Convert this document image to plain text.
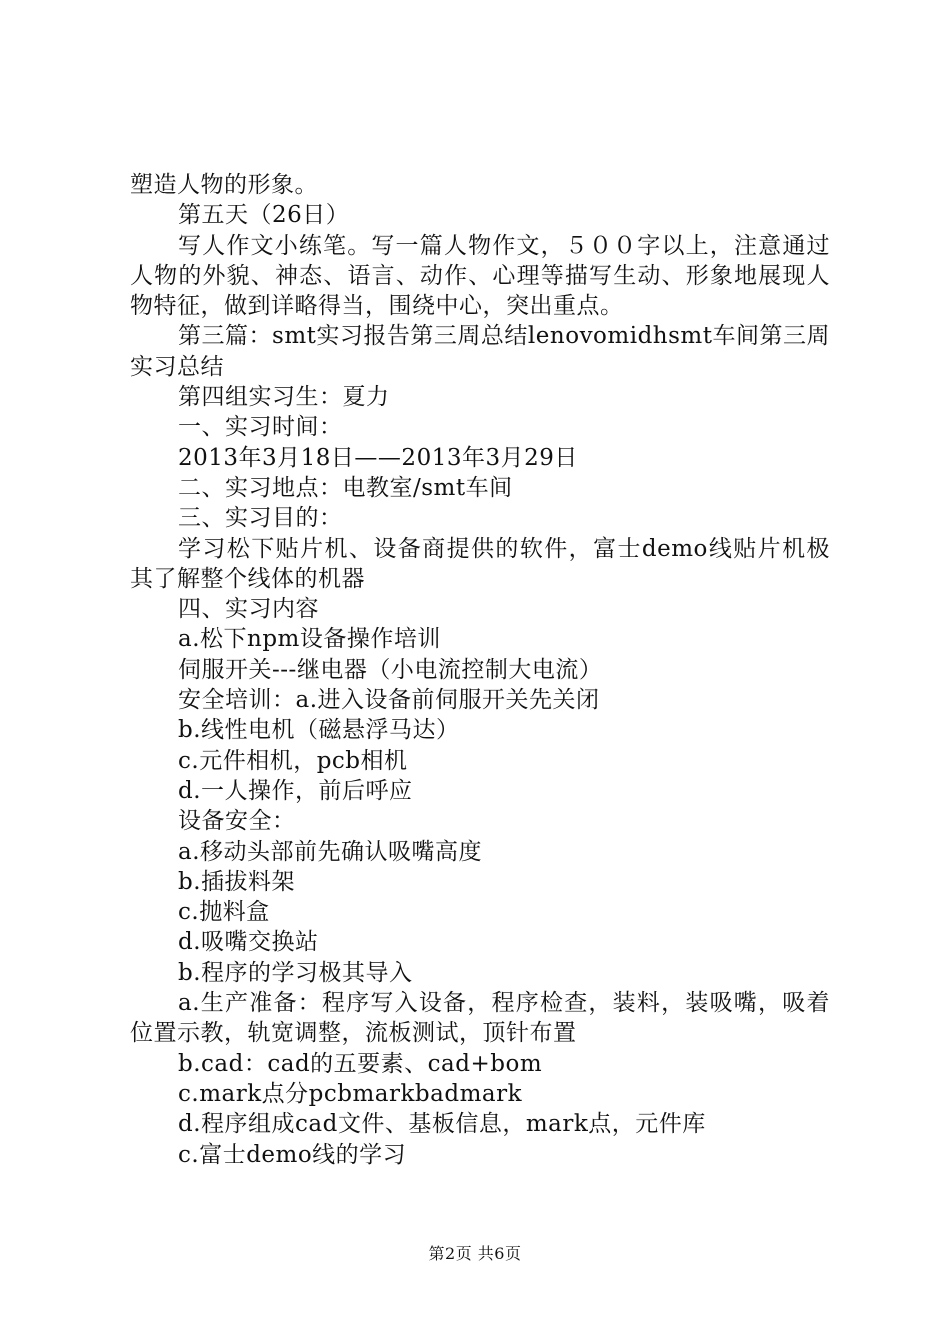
塑造人物的形象。

第五天（26日）

写人作文小练笔。写一篇人物作文，５００字以上，注意通过人物的外貌、神态、语言、动作、心理等描写生动、形象地展现人物特征，做到详略得当，围绕中心，突出重点。

第三篇：smt实习报告第三周总结lenovomidhsmt车间第三周实习总结

第四组实习生：夏力

一、实习时间：

2013年3月18日——2013年3月29日

二、实习地点：电教室/smt车间

三、实习目的：

学习松下贴片机、设备商提供的软件，富士demo线贴片机极其了解整个线体的机器

四、实习内容

a.松下npm设备操作培训

伺服开关---继电器（小电流控制大电流）

安全培训：a.进入设备前伺服开关先关闭

b.线性电机（磁悬浮马达）

c.元件相机，pcb相机

d.一人操作，前后呼应

设备安全：

a.移动头部前先确认吸嘴高度

b.插拔料架

c.抛料盒

d.吸嘴交换站

b.程序的学习极其导入

a.生产准备：程序写入设备，程序检查，装料，装吸嘴，吸着位置示教，轨宽调整，流板测试，顶针布置

b.cad：cad的五要素、cad+bom

c.mark点分pcbmarkbadmark

d.程序组成cad文件、基板信息，mark点，元件库

c.富士demo线的学习

第2页 共6页
